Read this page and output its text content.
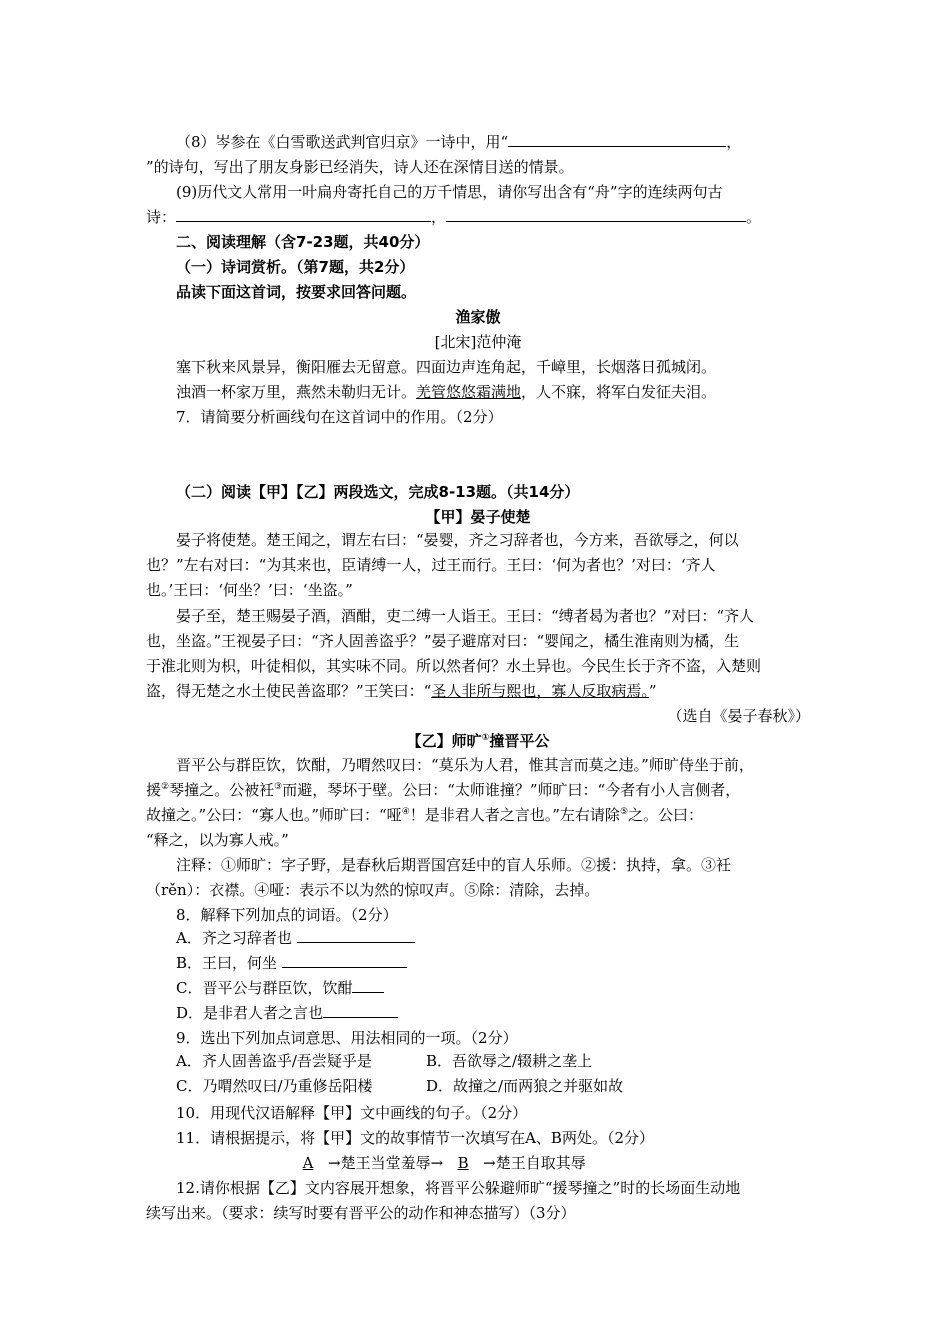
（8）岑参在《白雪歌送武判官归京》一诗中，用“	，
”的诗句，写出了朋友身影已经消失，诗人还在深情目送的情景。
(9)历代文人常用一叶扁舟寄托自己的万千情思，请你写出含有“舟”字的连续两句古
诗：	，	。
二、阅读理解（含7-23题，共40分）
（一）诗词赏析。（第7题，共2分）
品读下面这首词，按要求回答问题。
渔家傲
[北宋]范仲淹
塞下秋来风景异，衡阳雁去无留意。四面边声连角起，千嶂里，长烟落日孤城闭。
浊酒一杯家万里，燕然未勒归无计。羌管悠悠霜满地，人不寐，将军白发征夫泪。
7．请简要分析画线句在这首词中的作用。（2分）
（二）阅读【甲】【乙】两段选文，完成8-13题。（共14分）
【甲】晏子使楚
晏子将使楚。楚王闻之，谓左右曰：“晏婴，齐之习辞者也，今方来，吾欲辱之，何以
也？”左右对曰：“为其来也，臣请缚一人，过王而行。王曰：‘何为者也？’对曰：‘齐人
也。’王曰：‘何坐？’曰：‘坐盗。”
晏子至，楚王赐晏子酒，酒酣，吏二缚一人诣王。王曰：“缚者曷为者也？”对曰：“齐人
也，坐盗。”王视晏子曰：“齐人固善盗乎？”晏子避席对曰：“婴闻之，橘生淮南则为橘，生
于淮北则为枳，叶徒相似，其实味不同。所以然者何？水土异也。今民生长于齐不盗，入楚则
盗，得无楚之水土使民善盗耶？”王笑曰：“圣人非所与熙也，寡人反取病焉。”
（选自《晏子春秋》）
【乙】师旷①撞晋平公
晋平公与群臣饮，饮酣，乃喟然叹曰：“莫乐为人君，惟其言而莫之违。”师旷侍坐于前，
援②琴撞之。公被衽③而避，琴坏于壁。公曰：“太师谁撞？”师旷曰：“今者有小人言侧者，
故撞之。”公曰：“寡人也。”师旷曰：“哑④！是非君人者之言也。”左右请除⑤之。公曰：
“释之，以为寡人戒。”
注释：①师旷：字子野，是春秋后期晋国宫廷中的盲人乐师。②援：执持，拿。③衽
（rěn）：衣襟。④哑：表示不以为然的惊叹声。⑤除：清除，去掉。
8．解释下列加点的词语。（2分）
A．齐之习辞者也
B．王曰，何坐
C．晋平公与群臣饮，饮酣
D．是非君人者之言也
9．选出下列加点词意思、用法相同的一项。（2分）
A．齐人固善盗乎/吾尝疑乎是	B．吾欲辱之/辍耕之垄上
C．乃喟然叹曰/乃重修岳阳楼	D．故撞之/而两狼之并驱如故
10．用现代汉语解释【甲】文中画线的句子。（2分）
11．请根据提示，将【甲】文的故事情节一次填写在A、B两处。（2分）
A →楚王当堂羞辱→ B →楚王自取其辱
12.请你根据【乙】文内容展开想象，将晋平公躲避师旷“援琴撞之”时的长场面生动地
续写出来。（要求：续写时要有晋平公的动作和神态描写）（3分）
